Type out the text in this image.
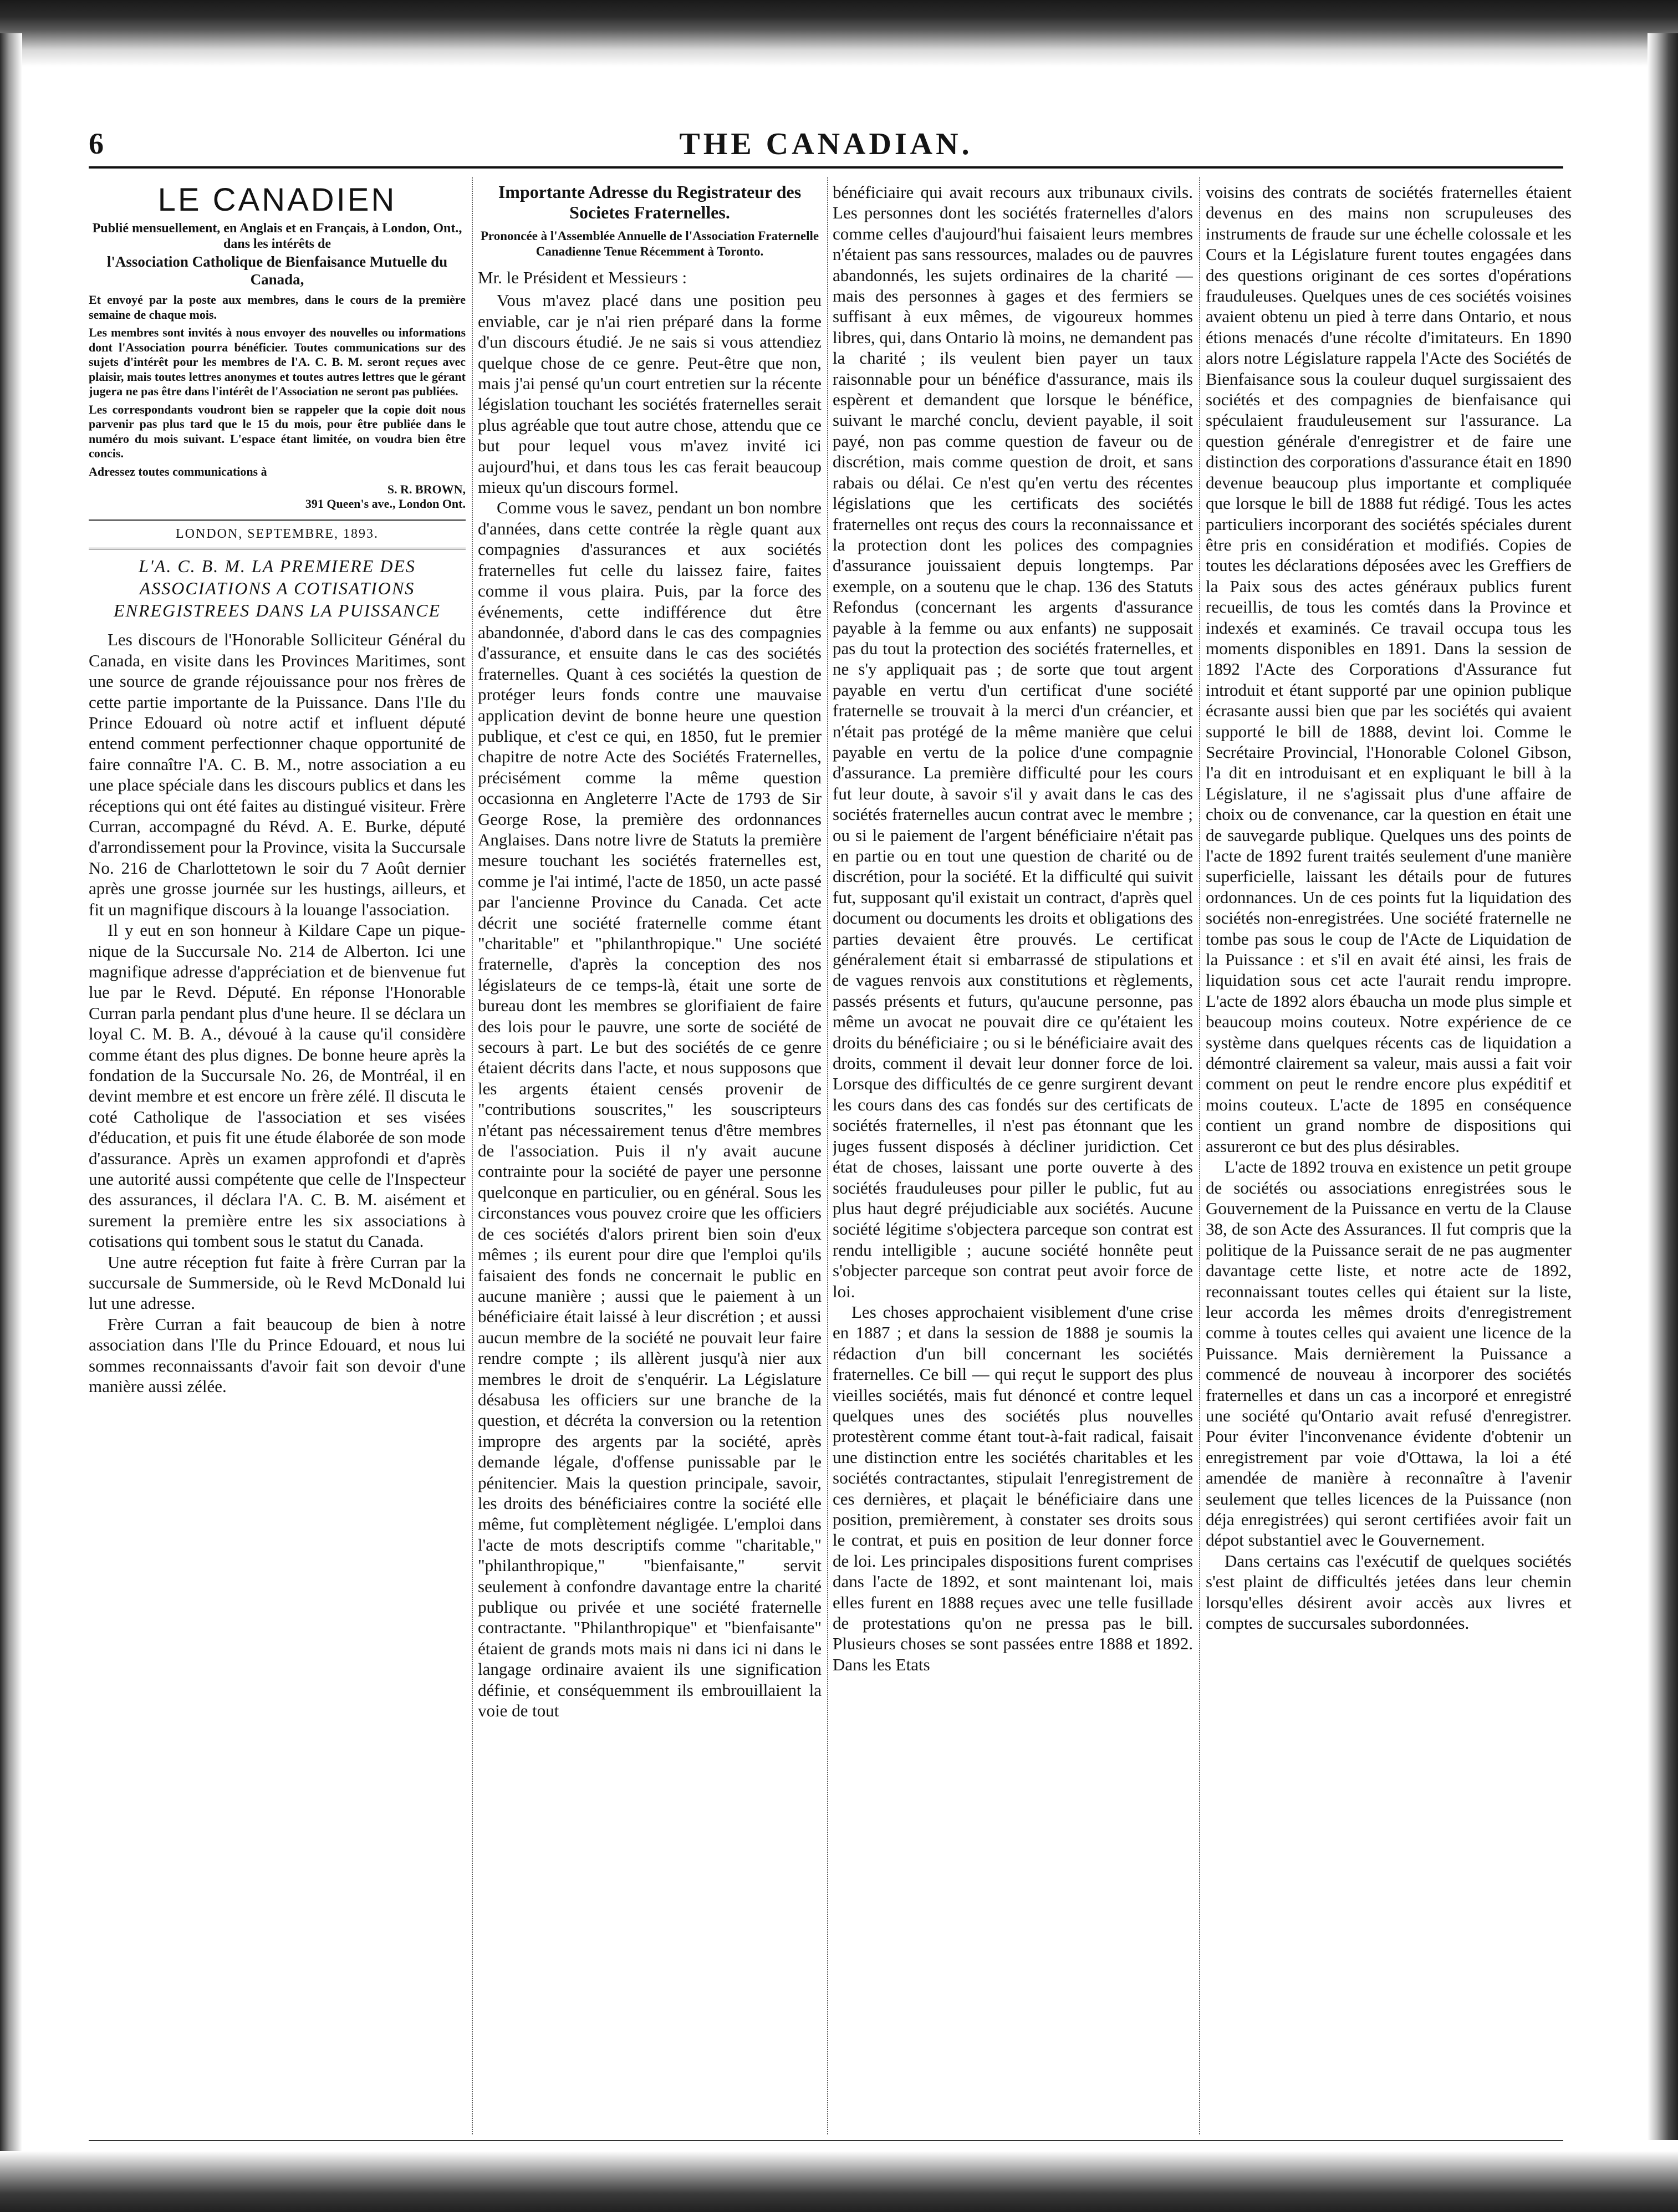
6	THE CANADIAN.
LE CANADIEN

Publié mensuellement, en Anglais et en Français, à London, Ont., dans les intérêts de

l'Association Catholique de Bienfaisance Mutuelle du Canada,

Et envoyé par la poste aux membres, dans le cours de la première semaine de chaque mois.

Les membres sont invités à nous envoyer des nouvelles ou informations dont l'Association pourra bénéficier. Toutes communications sur des sujets d'intérêt pour les membres de l'A. C. B. M. seront reçues avec plaisir, mais toutes lettres anonymes et toutes autres lettres que le gérant jugera ne pas être dans l'intérêt de l'Association ne seront pas publiées.

Les correspondants voudront bien se rappeler que la copie doit nous parvenir pas plus tard que le 15 du mois, pour être publiée dans le numéro du mois suivant. L'espace étant limitée, on voudra bien être concis.

Adressez toutes communications à

S. R. BROWN,

391 Queen's ave., London Ont.

LONDON, SEPTEMBRE, 1893.
L'A. C. B. M. LA PREMIERE DES ASSOCIATIONS A COTISATIONS ENREGISTREES DANS LA PUISSANCE

Les discours de l'Honorable Solliciteur Général du Canada, en visite dans les Provinces Maritimes, sont une source de grande réjouissance pour nos frères de cette partie importante de la Puissance. Dans l'Ile du Prince Edouard où notre actif et influent député entend comment perfectionner chaque opportunité de faire connaître l'A. C. B. M., notre association a eu une place spéciale dans les discours publics et dans les réceptions qui ont été faites au distingué visiteur. Frère Curran, accompagné du Révd. A. E. Burke, député d'arrondissement pour la Province, visita la Succursale No. 216 de Charlottetown le soir du 7 Août dernier après une grosse journée sur les hustings, ailleurs, et fit un magnifique discours à la louange l'association.

Il y eut en son honneur à Kildare Cape un pique-nique de la Succursale No. 214 de Alberton. Ici une magnifique adresse d'appréciation et de bienvenue fut lue par le Revd. Député. En réponse l'Honorable Curran parla pendant plus d'une heure. Il se déclara un loyal C. M. B. A., dévoué à la cause qu'il considère comme étant des plus dignes. De bonne heure après la fondation de la Succursale No. 26, de Montréal, il en devint membre et est encore un frère zélé. Il discuta le coté Catholique de l'association et ses visées d'éducation, et puis fit une étude élaborée de son mode d'assurance. Après un examen approfondi et d'après une autorité aussi compétente que celle de l'Inspecteur des assurances, il déclara l'A. C. B. M. aisément et surement la première entre les six associations à cotisations qui tombent sous le statut du Canada.

Une autre réception fut faite à frère Curran par la succursale de Summerside, où le Revd McDonald lui lut une adresse.

Frère Curran a fait beaucoup de bien à notre association dans l'Ile du Prince Edouard, et nous lui sommes reconnaissants d'avoir fait son devoir d'une manière aussi zélée.

Importante Adresse du Registrateur des Societes Fraternelles.
Prononcée à l'Assemblée Annuelle de l'Association Fraternelle Canadienne Tenue Récemment à Toronto.

Mr. le Président et Messieurs :

Vous m'avez placé dans une position peu enviable, car je n'ai rien préparé dans la forme d'un discours étudié. Je ne sais si vous attendiez quelque chose de ce genre. Peut-être que non, mais j'ai pensé qu'un court entretien sur la récente législation touchant les sociétés fraternelles serait plus agréable que tout autre chose, attendu que ce but pour lequel vous m'avez invité ici aujourd'hui, et dans tous les cas ferait beaucoup mieux qu'un discours formel.

Comme vous le savez, pendant un bon nombre d'années, dans cette contrée la règle quant aux compagnies d'assurances et aux sociétés fraternelles fut celle du laissez faire, faites comme il vous plaira. Puis, par la force des événements, cette indifférence dut être abandonnée, d'abord dans le cas des compagnies d'assurance, et ensuite dans le cas des sociétés fraternelles. Quant à ces sociétés la question de protéger leurs fonds contre une mauvaise application devint de bonne heure une question publique, et c'est ce qui, en 1850, fut le premier chapitre de notre Acte des Sociétés Fraternelles, précisément comme la même question occasionna en Angleterre l'Acte de 1793 de Sir George Rose, la première des ordonnances Anglaises. Dans notre livre de Statuts la première mesure touchant les sociétés fraternelles est, comme je l'ai intimé, l'acte de 1850, un acte passé par l'ancienne Province du Canada. Cet acte décrit une société fraternelle comme étant "charitable" et "philanthropique." Une société fraternelle, d'après la conception des nos législateurs de ce temps-là, était une sorte de bureau dont les membres se glorifiaient de faire des lois pour le pauvre, une sorte de société de secours à part. Le but des sociétés de ce genre étaient décrits dans l'acte, et nous supposons que les argents étaient censés provenir de "contributions souscrites," les souscripteurs n'étant pas nécessairement tenus d'être membres de l'association. Puis il n'y avait aucune contrainte pour la société de payer une personne quelconque en particulier, ou en général. Sous les circonstances vous pouvez croire que les officiers de ces sociétés d'alors prirent bien soin d'eux mêmes ; ils eurent pour dire que l'emploi qu'ils faisaient des fonds ne concernait le public en aucune manière ; aussi que le paiement à un bénéficiaire était laissé à leur discrétion ; et aussi aucun membre de la société ne pouvait leur faire rendre compte ; ils allèrent jusqu'à nier aux membres le droit de s'enquérir. La Législature désabusa les officiers sur une branche de la question, et décréta la conversion ou la retention impropre des argents par la société, après demande légale, d'offense punissable par le pénitencier. Mais la question principale, savoir, les droits des bénéficiaires contre la société elle même, fut complètement négligée. L'emploi dans l'acte de mots descriptifs comme "charitable," "philanthropique," "bienfaisante," servit seulement à confondre davantage entre la charité publique ou privée et une société fraternelle contractante. "Philanthropique" et "bienfaisante" étaient de grands mots mais ni dans ici ni dans le langage ordinaire avaient ils une signification définie, et conséquemment ils embrouillaient la voie de tout

bénéficiaire qui avait recours aux tribunaux civils. Les personnes dont les sociétés fraternelles d'alors comme celles d'aujourd'hui faisaient leurs membres n'étaient pas sans ressources, malades ou de pauvres abandonnés, les sujets ordinaires de la charité — mais des personnes à gages et des fermiers se suffisant à eux mêmes, de vigoureux hommes libres, qui, dans Ontario là moins, ne demandent pas la charité ; ils veulent bien payer un taux raisonnable pour un bénéfice d'assurance, mais ils espèrent et demandent que lorsque le bénéfice, suivant le marché conclu, devient payable, il soit payé, non pas comme question de faveur ou de discrétion, mais comme question de droit, et sans rabais ou délai. Ce n'est qu'en vertu des récentes législations que les certificats des sociétés fraternelles ont reçus des cours la reconnaissance et la protection dont les polices des compagnies d'assurance jouissaient depuis longtemps. Par exemple, on a soutenu que le chap. 136 des Statuts Refondus (concernant les argents d'assurance payable à la femme ou aux enfants) ne supposait pas du tout la protection des sociétés fraternelles, et ne s'y appliquait pas ; de sorte que tout argent payable en vertu d'un certificat d'une société fraternelle se trouvait à la merci d'un créancier, et n'était pas protégé de la même manière que celui payable en vertu de la police d'une compagnie d'assurance. La première difficulté pour les cours fut leur doute, à savoir s'il y avait dans le cas des sociétés fraternelles aucun contrat avec le membre ; ou si le paiement de l'argent bénéficiaire n'était pas en partie ou en tout une question de charité ou de discrétion, pour la société. Et la difficulté qui suivit fut, supposant qu'il existait un contract, d'après quel document ou documents les droits et obligations des parties devaient être prouvés. Le certificat généralement était si embarrassé de stipulations et de vagues renvois aux constitutions et règlements, passés présents et futurs, qu'aucune personne, pas même un avocat ne pouvait dire ce qu'étaient les droits du bénéficiaire ; ou si le bénéficiaire avait des droits, comment il devait leur donner force de loi. Lorsque des difficultés de ce genre surgirent devant les cours dans des cas fondés sur des certificats de sociétés fraternelles, il n'est pas étonnant que les juges fussent disposés à décliner juridiction. Cet état de choses, laissant une porte ouverte à des sociétés frauduleuses pour piller le public, fut au plus haut degré préjudiciable aux sociétés. Aucune société légitime s'objectera parceque son contrat est rendu intelligible ; aucune société honnête peut s'objecter parceque son contrat peut avoir force de loi.

Les choses approchaient visiblement d'une crise en 1887 ; et dans la session de 1888 je soumis la rédaction d'un bill concernant les sociétés fraternelles. Ce bill — qui reçut le support des plus vieilles sociétés, mais fut dénoncé et contre lequel quelques unes des sociétés plus nouvelles protestèrent comme étant tout-à-fait radical, faisait une distinction entre les sociétés charitables et les sociétés contractantes, stipulait l'enregistrement de ces dernières, et plaçait le bénéficiaire dans une position, premièrement, à constater ses droits sous le contrat, et puis en position de leur donner force de loi. Les principales dispositions furent comprises dans l'acte de 1892, et sont maintenant loi, mais elles furent en 1888 reçues avec une telle fusillade de protestations qu'on ne pressa pas le bill. Plusieurs choses se sont passées entre 1888 et 1892. Dans les Etats

voisins des contrats de sociétés fraternelles étaient devenus en des mains non scrupuleuses des instruments de fraude sur une échelle colossale et les Cours et la Législature furent toutes engagées dans des questions originant de ces sortes d'opérations frauduleuses. Quelques unes de ces sociétés voisines avaient obtenu un pied à terre dans Ontario, et nous étions menacés d'une récolte d'imitateurs. En 1890 alors notre Législature rappela l'Acte des Sociétés de Bienfaisance sous la couleur duquel surgissaient des sociétés et des compagnies de bienfaisance qui spéculaient frauduleusement sur l'assurance. La question générale d'enregistrer et de faire une distinction des corporations d'assurance était en 1890 devenue beaucoup plus importante et compliquée que lorsque le bill de 1888 fut rédigé. Tous les actes particuliers incorporant des sociétés spéciales durent être pris en considération et modifiés. Copies de toutes les déclarations déposées avec les Greffiers de la Paix sous des actes généraux publics furent recueillis, de tous les comtés dans la Province et indexés et examinés. Ce travail occupa tous les moments disponibles en 1891. Dans la session de 1892 l'Acte des Corporations d'Assurance fut introduit et étant supporté par une opinion publique écrasante aussi bien que par les sociétés qui avaient supporté le bill de 1888, devint loi. Comme le Secrétaire Provincial, l'Honorable Colonel Gibson, l'a dit en introduisant et en expliquant le bill à la Législature, il ne s'agissait plus d'une affaire de choix ou de convenance, car la question en était une de sauvegarde publique. Quelques uns des points de l'acte de 1892 furent traités seulement d'une manière superficielle, laissant les détails pour de futures ordonnances. Un de ces points fut la liquidation des sociétés non-enregistrées. Une société fraternelle ne tombe pas sous le coup de l'Acte de Liquidation de la Puissance : et s'il en avait été ainsi, les frais de liquidation sous cet acte l'aurait rendu impropre. L'acte de 1892 alors ébaucha un mode plus simple et beaucoup moins couteux. Notre expérience de ce système dans quelques récents cas de liquidation a démontré clairement sa valeur, mais aussi a fait voir comment on peut le rendre encore plus expéditif et moins couteux. L'acte de 1895 en conséquence contient un grand nombre de dispositions qui assureront ce but des plus désirables.

L'acte de 1892 trouva en existence un petit groupe de sociétés ou associations enregistrées sous le Gouvernement de la Puissance en vertu de la Clause 38, de son Acte des Assurances. Il fut compris que la politique de la Puissance serait de ne pas augmenter davantage cette liste, et notre acte de 1892, reconnaissant toutes celles qui étaient sur la liste, leur accorda les mêmes droits d'enregistrement comme à toutes celles qui avaient une licence de la Puissance. Mais dernièrement la Puissance a commencé de nouveau à incorporer des sociétés fraternelles et dans un cas a incorporé et enregistré une société qu'Ontario avait refusé d'enregistrer. Pour éviter l'inconvenance évidente d'obtenir un enregistrement par voie d'Ottawa, la loi a été amendée de manière à reconnaître à l'avenir seulement que telles licences de la Puissance (non déja enregistrées) qui seront certifiées avoir fait un dépot substantiel avec le Gouvernement.

Dans certains cas l'exécutif de quelques sociétés s'est plaint de difficultés jetées dans leur chemin lorsqu'elles désirent avoir accès aux livres et comptes de succursales subordonnées.
